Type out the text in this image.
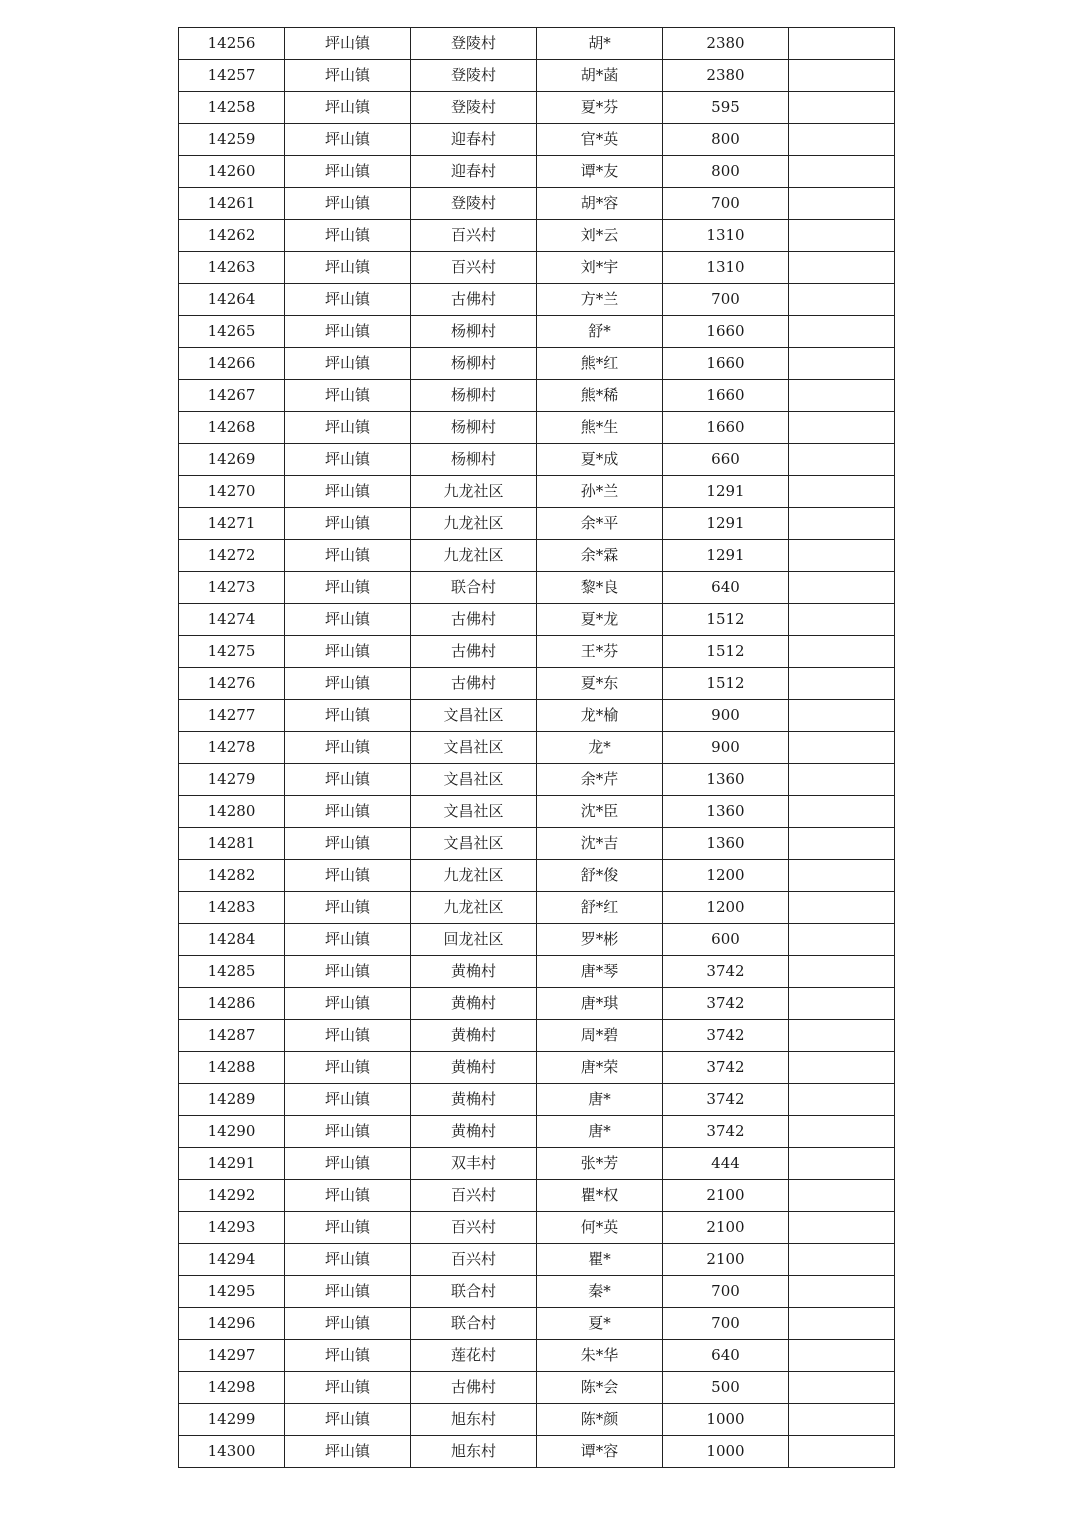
14256	坪山镇	登陵村	胡*	2380	
14257	坪山镇	登陵村	胡*菡	2380	
14258	坪山镇	登陵村	夏*芬	595	
14259	坪山镇	迎春村	官*英	800	
14260	坪山镇	迎春村	谭*友	800	
14261	坪山镇	登陵村	胡*容	700	
14262	坪山镇	百兴村	刘*云	1310	
14263	坪山镇	百兴村	刘*宇	1310	
14264	坪山镇	古佛村	方*兰	700	
14265	坪山镇	杨柳村	舒*	1660	
14266	坪山镇	杨柳村	熊*红	1660	
14267	坪山镇	杨柳村	熊*稀	1660	
14268	坪山镇	杨柳村	熊*生	1660	
14269	坪山镇	杨柳村	夏*成	660	
14270	坪山镇	九龙社区	孙*兰	1291	
14271	坪山镇	九龙社区	余*平	1291	
14272	坪山镇	九龙社区	余*霖	1291	
14273	坪山镇	联合村	黎*良	640	
14274	坪山镇	古佛村	夏*龙	1512	
14275	坪山镇	古佛村	王*芬	1512	
14276	坪山镇	古佛村	夏*东	1512	
14277	坪山镇	文昌社区	龙*榆	900	
14278	坪山镇	文昌社区	龙*	900	
14279	坪山镇	文昌社区	余*芹	1360	
14280	坪山镇	文昌社区	沈*臣	1360	
14281	坪山镇	文昌社区	沈*吉	1360	
14282	坪山镇	九龙社区	舒*俊	1200	
14283	坪山镇	九龙社区	舒*红	1200	
14284	坪山镇	回龙社区	罗*彬	600	
14285	坪山镇	黄桷村	唐*琴	3742	
14286	坪山镇	黄桷村	唐*琪	3742	
14287	坪山镇	黄桷村	周*碧	3742	
14288	坪山镇	黄桷村	唐*荣	3742	
14289	坪山镇	黄桷村	唐*	3742	
14290	坪山镇	黄桷村	唐*	3742	
14291	坪山镇	双丰村	张*芳	444	
14292	坪山镇	百兴村	瞿*权	2100	
14293	坪山镇	百兴村	何*英	2100	
14294	坪山镇	百兴村	瞿*	2100	
14295	坪山镇	联合村	秦*	700	
14296	坪山镇	联合村	夏*	700	
14297	坪山镇	莲花村	朱*华	640	
14298	坪山镇	古佛村	陈*会	500	
14299	坪山镇	旭东村	陈*颜	1000	
14300	坪山镇	旭东村	谭*容	1000	
